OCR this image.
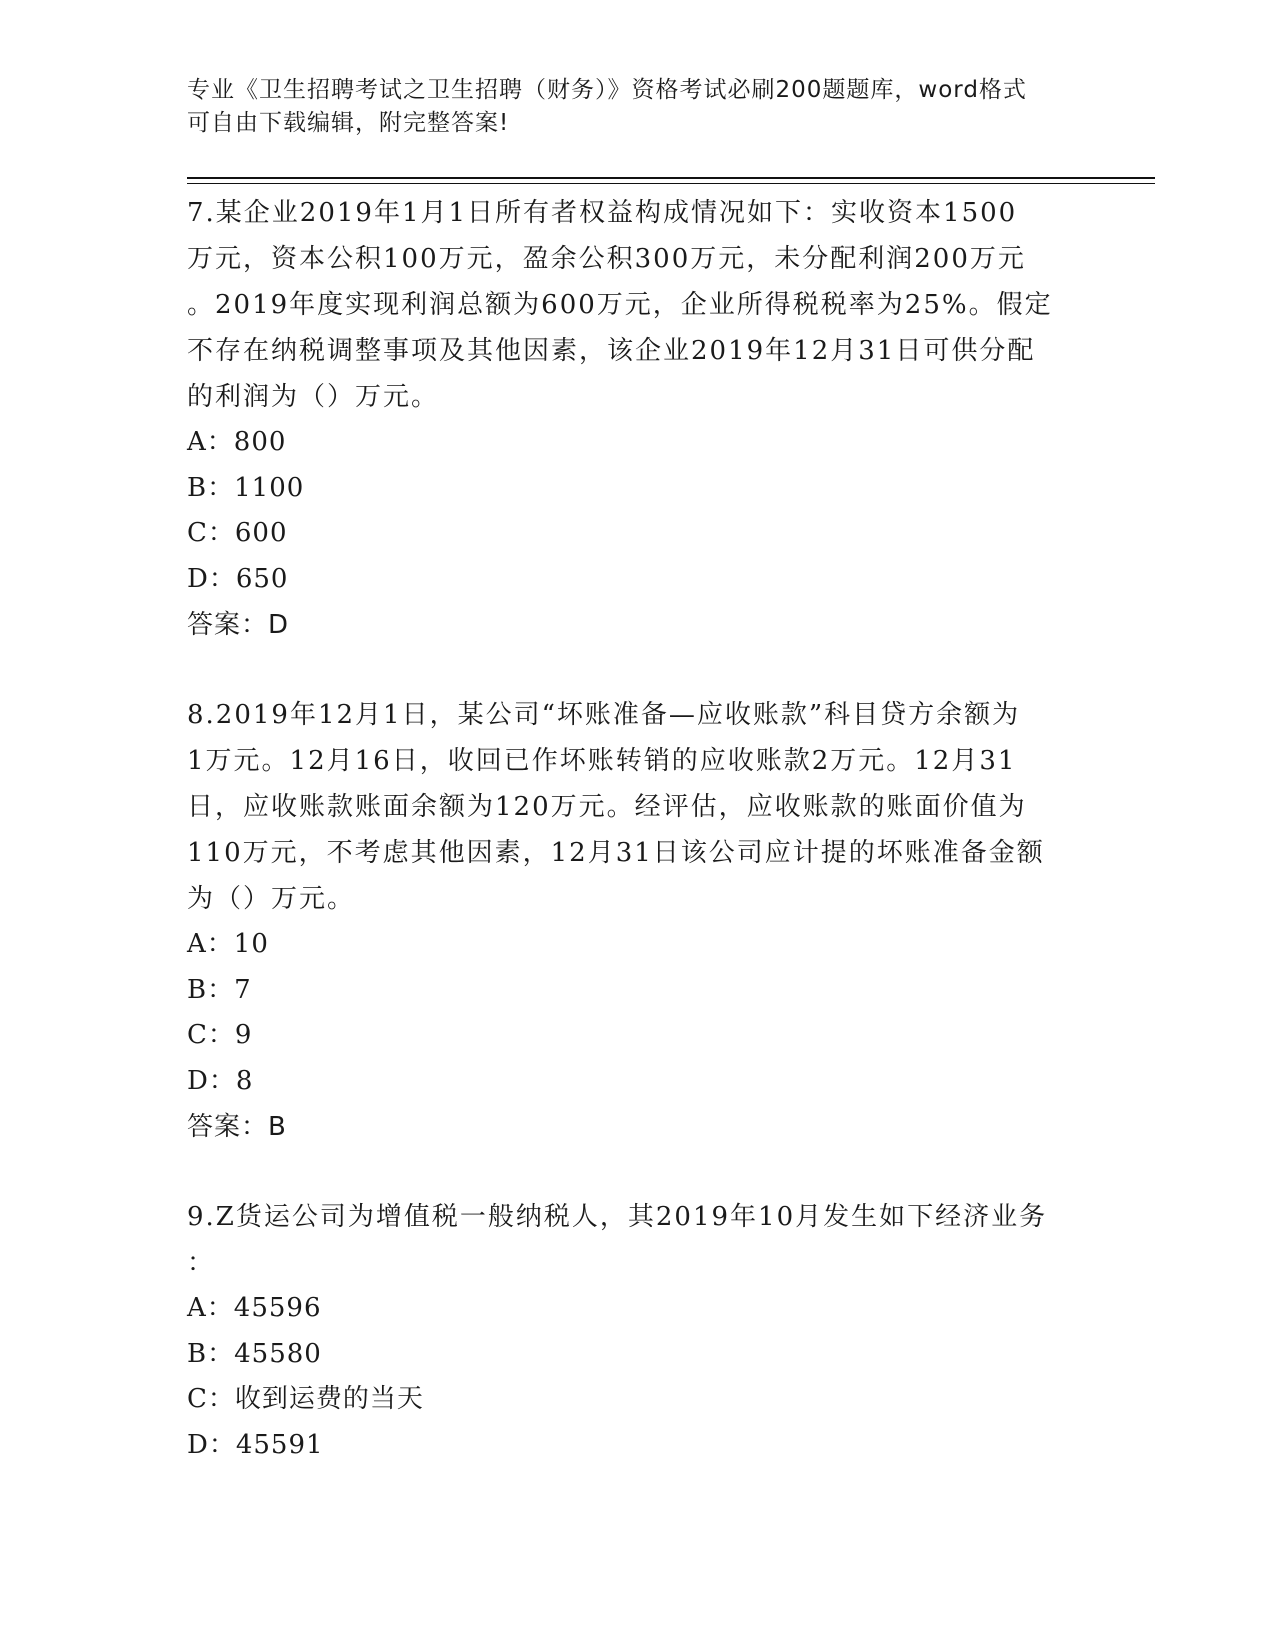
专业《卫生招聘考试之卫生招聘（财务）》资格考试必刷200题题库，word格式
可自由下载编辑，附完整答案!
7.某企业2019年1月1日所有者权益构成情况如下：实收资本1500
万元，资本公积100万元，盈余公积300万元，未分配利润200万元
。2019年度实现利润总额为600万元，企业所得税税率为25%。假定
不存在纳税调整事项及其他因素，该企业2019年12月31日可供分配
的利润为（）万元。
A：800
B：1100
C：600
D：650
答案：D
8.2019年12月1日，某公司“坏账准备—应收账款”科目贷方余额为
1万元。12月16日，收回已作坏账转销的应收账款2万元。12月31
日，应收账款账面余额为120万元。经评估，应收账款的账面价值为
110万元，不考虑其他因素，12月31日该公司应计提的坏账准备金额
为（）万元。
A：10
B：7
C：9
D：8
答案：B
9.Z货运公司为增值税一般纳税人，其2019年10月发生如下经济业务
：
A：45596
B：45580
C：收到运费的当天
D：45591
